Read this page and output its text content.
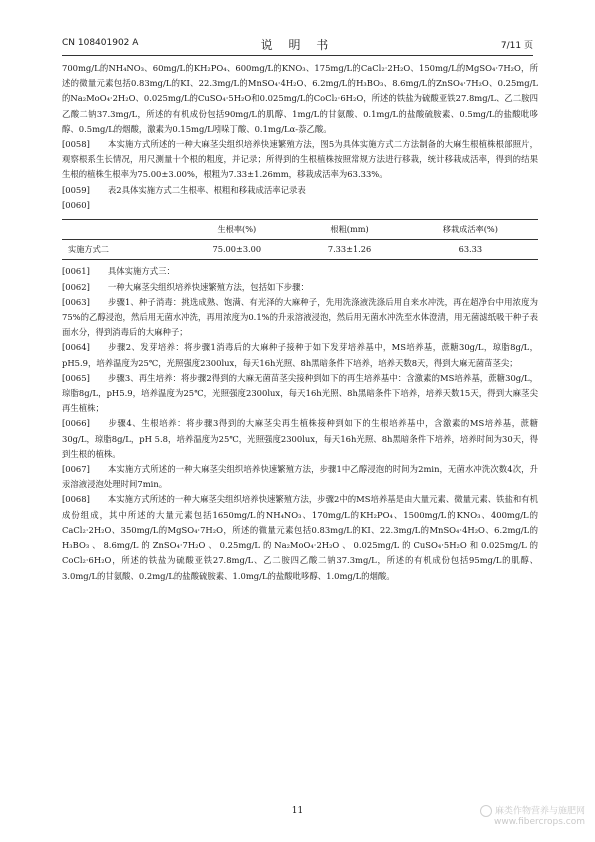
CN 108401902 A	说 明 书	7/11 页

700mg/L的NH₄NO₃、60mg/L的KH₂PO₄、600mg/L的KNO₃、175mg/L的CaCl₂·2H₂O、150mg/L的MgSO₄·7H₂O，所述的微量元素包括0.83mg/L的KI、22.3mg/L的MnSO₄·4H₂O、6.2mg/L的H₃BO₃、8.6mg/L的ZnSO₄·7H₂O、0.25mg/L的Na₂MoO₄·2H₂O、0.025mg/L的CuSO₄·5H₂O和0.025mg/L的CoCl₂·6H₂O，所述的铁盐为硫酸亚铁27.8mg/L、乙二胺四乙酸二钠37.3mg/L，所述的有机成份包括90mg/L的肌醇、1mg/L的甘氨酸、0.1mg/L的盐酸硫胺素、0.5mg/L的盐酸吡哆醇、0.5mg/L的烟酸，激素为0.15mg/L吲哚丁酸、0.1mg/Lα-萘乙酸。

[0058] 本实施方式所述的一种大麻茎尖组织培养快速繁殖方法，图5为具体实施方式二方法制备的大麻生根植株根部照片，观察根系生长情况，用尺测量十个根的粗度，并记录；所得到的生根植株按照常规方法进行移栽，统计移栽成活率，得到的结果生根的植株生根率为75.00±3.00%，根粗为7.33±1.26mm，移栽成活率为63.33%。

[0059] 表2具体实施方式二生根率、根粗和移栽成活率记录表

[0060]

	生根率(%)	根粗(mm)	移栽成活率(%)
实施方式二	75.00±3.00	7.33±1.26	63.33

[0061] 具体实施方式三：

[0062] 一种大麻茎尖组织培养快速繁殖方法，包括如下步骤：

[0063] 步骤1、种子消毒：挑选成熟、饱满、有光泽的大麻种子，先用洗涤液洗涤后用自来水冲洗，再在超净台中用浓度为75%的乙醇浸泡，然后用无菌水冲洗，再用浓度为0.1%的升汞溶液浸泡，然后用无菌水冲洗至水体澄清，用无菌滤纸吸干种子表面水分，得到消毒后的大麻种子；

[0064] 步骤2、发芽培养：将步骤1消毒后的大麻种子接种于如下发芽培养基中，MS培养基，蔗糖30g/L，琼脂8g/L，pH5.9，培养温度为25℃，光照强度2300lux，每天16h光照、8h黑暗条件下培养，培养天数8天，得到大麻无菌苗茎尖；

[0065] 步骤3、再生培养：将步骤2得到的大麻无菌苗茎尖接种到如下的再生培养基中：含激素的MS培养基，蔗糖30g/L，琼脂8g/L，pH5.9，培养温度为25℃，光照强度2300lux，每天16h光照、8h黑暗条件下培养，培养天数15天，得到大麻茎尖再生植株；

[0066] 步骤4、生根培养：将步骤3得到的大麻茎尖再生植株接种到如下的生根培养基中，含激素的MS培养基，蔗糖30g/L，琼脂8g/L，pH 5.8，培养温度为25℃，光照强度2300lux，每天16h光照、8h黑暗条件下培养，培养时间为30天，得到生根的植株。

[0067] 本实施方式所述的一种大麻茎尖组织培养快速繁殖方法，步骤1中乙醇浸泡的时间为2min，无菌水冲洗次数4次，升汞溶液浸泡处理时间7min。

[0068] 本实施方式所述的一种大麻茎尖组织培养快速繁殖方法，步骤2中的MS培养基是由大量元素、微量元素、铁盐和有机成份组成，其中所述的大量元素包括1650mg/L的NH₄NO₃、170mg/L的KH₂PO₄、1500mg/L的KNO₃、400mg/L的CaCl₂·2H₂O、350mg/L的MgSO₄·7H₂O，所述的微量元素包括0.83mg/L的KI、22.3mg/L的MnSO₄·4H₂O、6.2mg/L的H₃BO₃、8.6mg/L的ZnSO₄·7H₂O、0.25mg/L的Na₂MoO₄·2H₂O、0.025mg/L的CuSO₄·5H₂O和0.025mg/L的CoCl₂·6H₂O，所述的铁盐为硫酸亚铁27.8mg/L、乙二胺四乙酸二钠37.3mg/L，所述的有机成份包括95mg/L的肌醇、3.0mg/L的甘氨酸、0.2mg/L的盐酸硫胺素、1.0mg/L的盐酸吡哆醇、1.0mg/L的烟酸。

11	麻类作物营养与施肥网
www.fibercrops.com
